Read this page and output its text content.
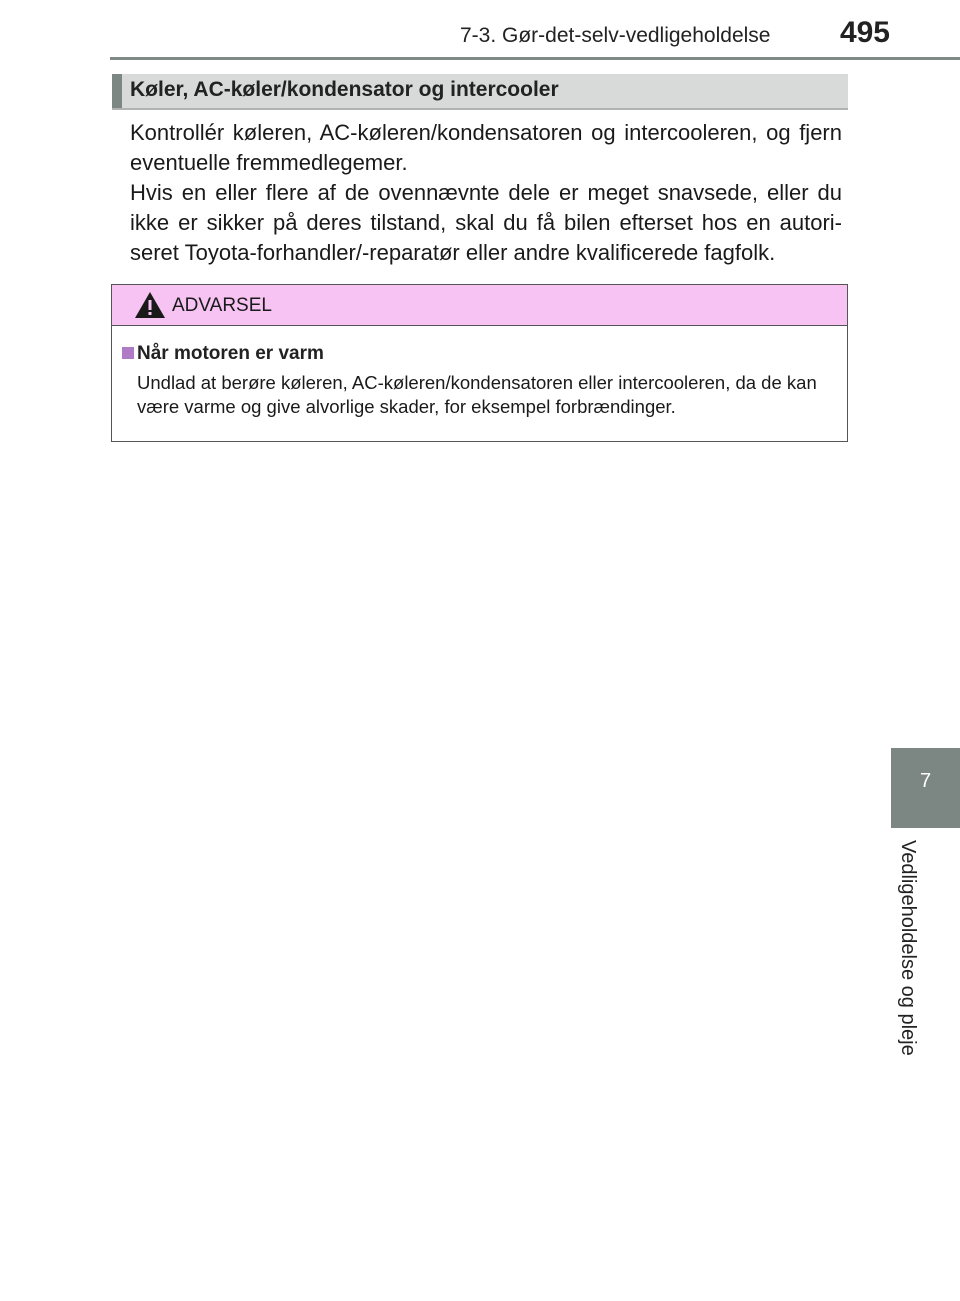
7-3. Gør-det-selv-vedligeholdelse	495
7
Vedligeholdelse og pleje
Køler, AC-køler/kondensator og intercooler

Kontrollér køleren, AC-køleren/kondensatoren og intercooleren, og fjern eventuelle fremmedlegemer.

Hvis en eller flere af de ovennævnte dele er meget snavsede, eller du ikke er sikker på deres tilstand, skal du få bilen efterset hos en autori-seret Toyota-forhandler/-reparatør eller andre kvalificerede fagfolk.

ADVARSEL
Når motoren er varm
Undlad at berøre køleren, AC-køleren/kondensatoren eller intercooleren, da de kan være varme og give alvorlige skader, for eksempel forbrændinger.
